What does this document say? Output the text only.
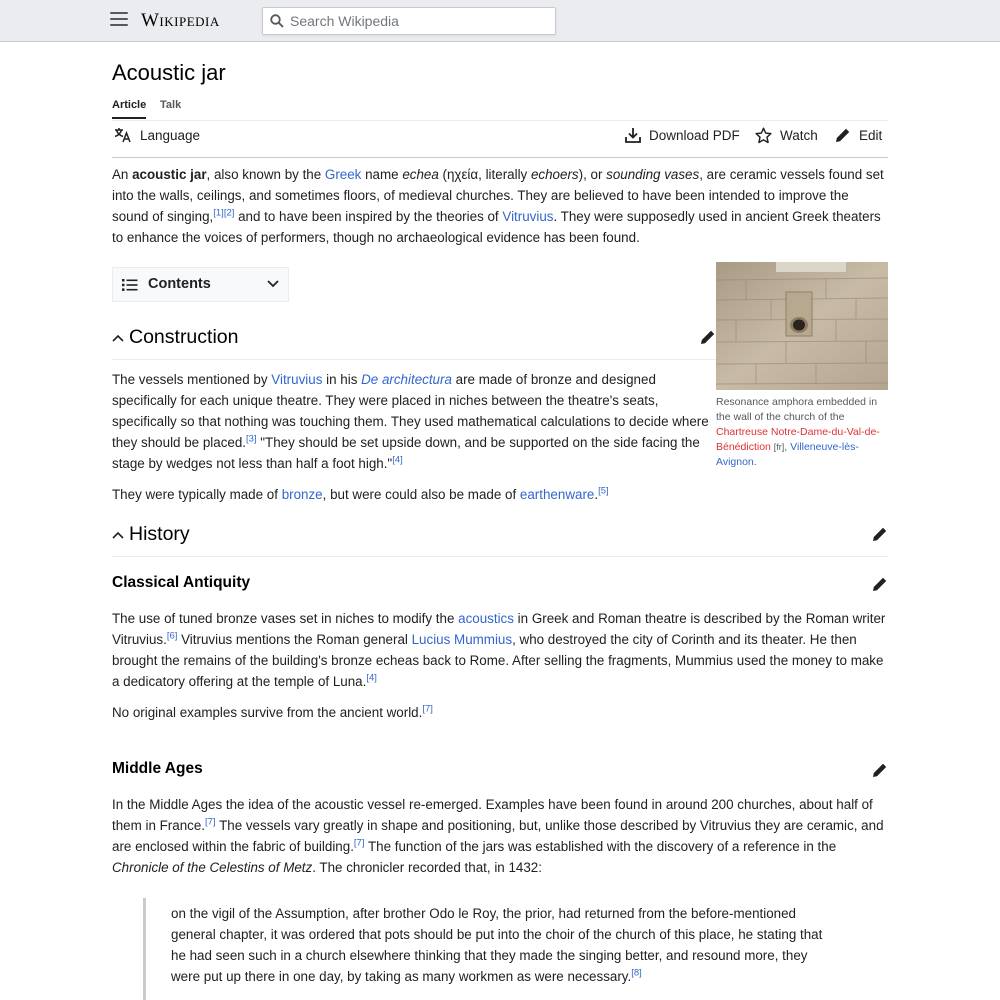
Wikipedia
Search Wikipedia
Acoustic jar
Article Talk
Language	Download PDF	Watch	Edit
An acoustic jar, also known by the Greek name echea (ηχεία, literally echoers), or sounding vases, are ceramic vessels found set into the walls, ceilings, and sometimes floors, of medieval churches. They are believed to have been intended to improve the sound of singing,[1][2] and to have been inspired by the theories of Vitruvius. They were supposedly used in ancient Greek theaters to enhance the voices of performers, though no archaeological evidence has been found.
Contents
Resonance amphora embedded in the wall of the church of the Chartreuse Notre-Dame-du-Val-de-Bénédiction [fr], Villeneuve-lès-Avignon.
Construction
The vessels mentioned by Vitruvius in his De architectura are made of bronze and designed specifically for each unique theatre. They were placed in niches between the theatre's seats, specifically so that nothing was touching them. They used mathematical calculations to decide where they should be placed.[3] "They should be set upside down, and be supported on the side facing the stage by wedges not less than half a foot high."[4]
They were typically made of bronze, but were could also be made of earthenware.[5]
History
Classical Antiquity
The use of tuned bronze vases set in niches to modify the acoustics in Greek and Roman theatre is described by the Roman writer Vitruvius.[6] Vitruvius mentions the Roman general Lucius Mummius, who destroyed the city of Corinth and its theater. He then brought the remains of the building's bronze echeas back to Rome. After selling the fragments, Mummius used the money to make a dedicatory offering at the temple of Luna.[4]
No original examples survive from the ancient world.[7]
Middle Ages
In the Middle Ages the idea of the acoustic vessel re-emerged. Examples have been found in around 200 churches, about half of them in France.[7] The vessels vary greatly in shape and positioning, but, unlike those described by Vitruvius they are ceramic, and are enclosed within the fabric of building.[7] The function of the jars was established with the discovery of a reference in the Chronicle of the Celestins of Metz. The chronicler recorded that, in 1432:
on the vigil of the Assumption, after brother Odo le Roy, the prior, had returned from the before-mentioned general chapter, it was ordered that pots should be put into the choir of the church of this place, he stating that he had seen such in a church elsewhere thinking that they made the singing better, and resound more, they were put up there in one day, by taking as many workmen as were necessary.[8]
